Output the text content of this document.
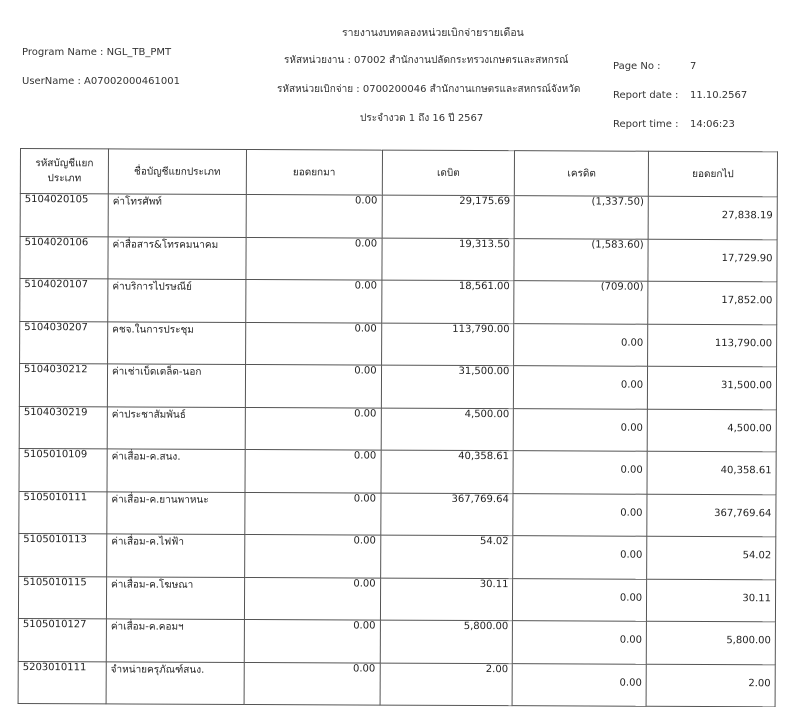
รายงานงบทดลองหน่วยเบิกจ่ายรายเดือน
Program Name : NGL_TB_PMT
UserName : A07002000461001
รหัสหน่วยงาน : 07002 สำนักงานปลัดกระทรวงเกษตรและสหกรณ์
รหัสหน่วยเบิกจ่าย : 0700200046 สำนักงานเกษตรและสหกรณ์จังหวัด
ประจำงวด 1 ถึง 16 ปี 2567
Page No :	7
Report date : 11.10.2567
Report time : 14:06:23
รหัสบัญชีแยกประเภท	ชื่อบัญชีแยกประเภท	ยอดยกมา	เดบิต	เครดิต	ยอดยกไป
5104020105	ค่าโทรศัพท์	0.00	29,175.69	(1,337.50)	27,838.19
5104020106	ค่าสื่อสาร&โทรคมนาคม	0.00	19,313.50	(1,583.60)	17,729.90
5104020107	ค่าบริการไปรษณีย์	0.00	18,561.00	(709.00)	17,852.00
5104030207	คชจ.ในการประชุม	0.00	113,790.00	0.00	113,790.00
5104030212	ค่าเช่าเบ็ดเตล็ด-นอก	0.00	31,500.00	0.00	31,500.00
5104030219	ค่าประชาสัมพันธ์	0.00	4,500.00	0.00	4,500.00
5105010109	ค่าเสื่อม-ค.สนง.	0.00	40,358.61	0.00	40,358.61
5105010111	ค่าเสื่อม-ค.ยานพาหนะ	0.00	367,769.64	0.00	367,769.64
5105010113	ค่าเสื่อม-ค.ไฟฟ้า	0.00	54.02	0.00	54.02
5105010115	ค่าเสื่อม-ค.โฆษณา	0.00	30.11	0.00	30.11
5105010127	ค่าเสื่อม-ค.คอมฯ	0.00	5,800.00	0.00	5,800.00
5203010111	จำหน่ายครุภัณฑ์สนง.	0.00	2.00	0.00	2.00
